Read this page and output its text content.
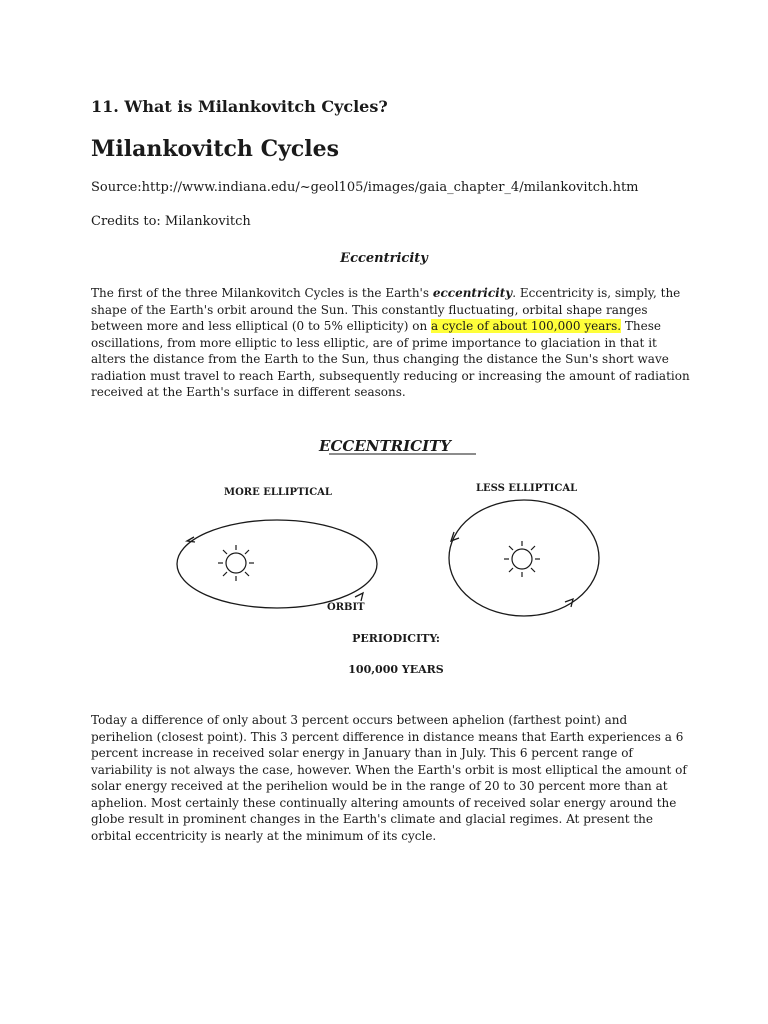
11. What is Milankovitch Cycles?
Milankovitch Cycles

Source:http://www.indiana.edu/~geol105/images/gaia_chapter_4/milankovitch.htm

Credits to: Milankovitch

Eccentricity

The first of the three Milankovitch Cycles is the Earth's eccentricity. Eccentricity is, simply, the shape of the Earth's orbit around the Sun. This constantly fluctuating, orbital shape ranges between more and less elliptical (0 to 5% ellipticity) on a cycle of about 100,000 years. These oscillations, from more elliptic to less elliptic, are of prime importance to glaciation in that it alters the distance from the Earth to the Sun, thus changing the distance the Sun's short wave radiation must travel to reach Earth, subsequently reducing or increasing the amount of radiation received at the Earth's surface in different seasons.

ECCENTRICITY
MORE ELLIPTICAL	LESS ELLIPTICAL
ORBIT
PERIODICITY:
100,000 YEARS

Today a difference of only about 3 percent occurs between aphelion (farthest point) and perihelion (closest point). This 3 percent difference in distance means that Earth experiences a 6 percent increase in received solar energy in January than in July. This 6 percent range of variability is not always the case, however. When the Earth's orbit is most elliptical the amount of solar energy received at the perihelion would be in the range of 20 to 30 percent more than at aphelion. Most certainly these continually altering amounts of received solar energy around the globe result in prominent changes in the Earth's climate and glacial regimes. At present the orbital eccentricity is nearly at the minimum of its cycle.
